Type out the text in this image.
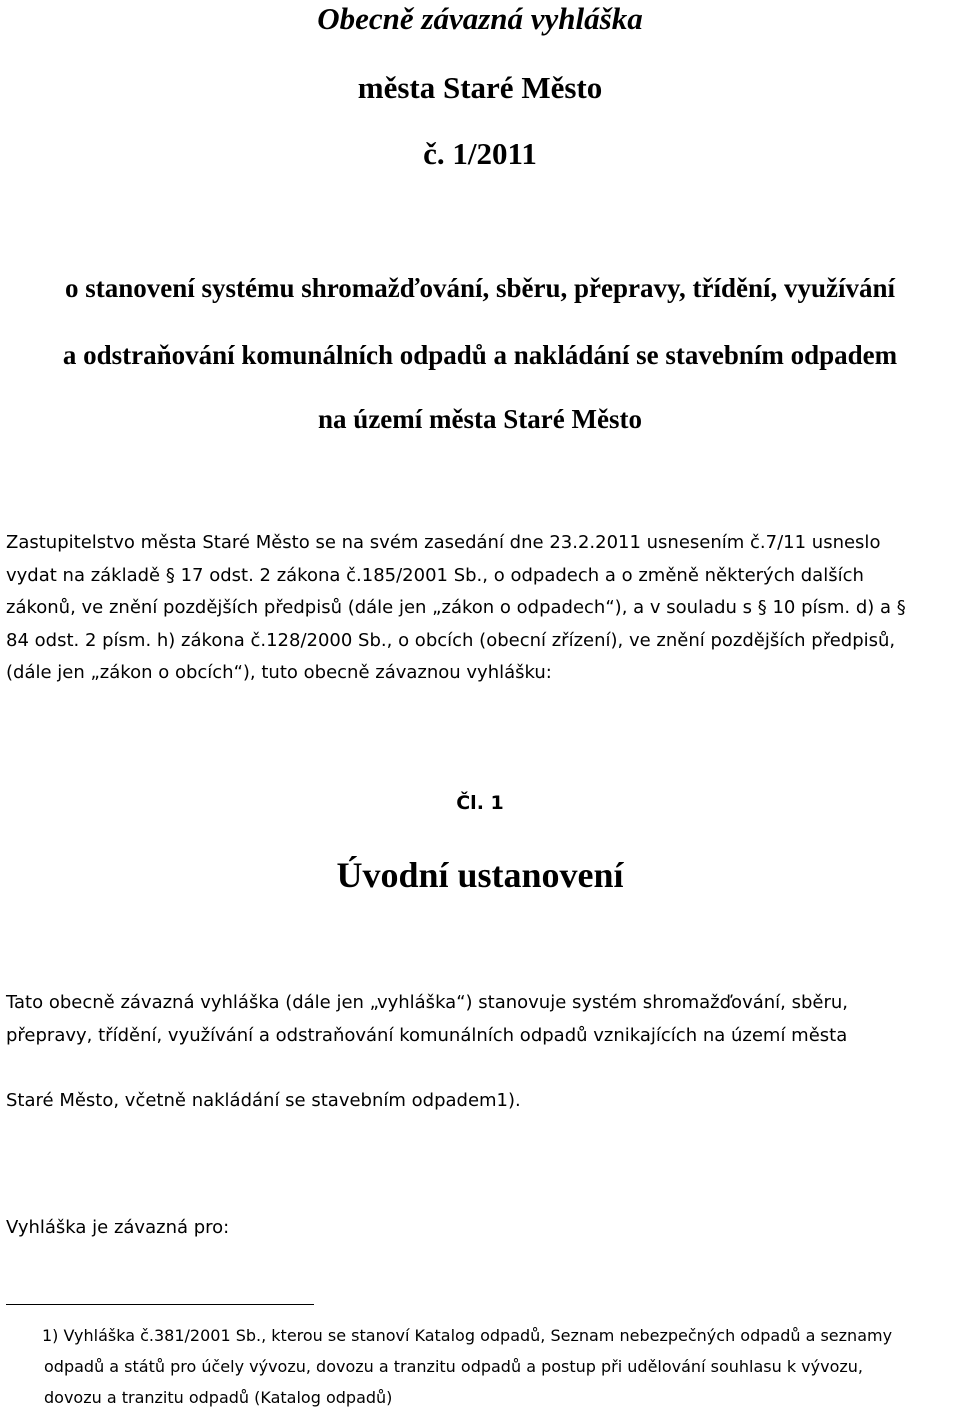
Obecně závazná vyhláška
města Staré Město
č. 1/2011
o stanovení systému shromažďování, sběru, přepravy, třídění, využívání
a odstraňování komunálních odpadů a nakládání se stavebním odpadem
na území města Staré Město
Zastupitelstvo města Staré Město se na svém zasedání dne 23.2.2011 usnesením č.7/11 usneslo
vydat na základě § 17 odst. 2 zákona č.185/2001 Sb., o odpadech a o změně některých dalších
zákonů, ve znění pozdějších předpisů (dále jen „zákon o odpadech“), a v souladu s § 10 písm. d) a §
84 odst. 2 písm. h) zákona č.128/2000 Sb., o obcích (obecní zřízení), ve znění pozdějších předpisů,
(dále jen „zákon o obcích“), tuto obecně závaznou vyhlášku:
Čl. 1
Úvodní ustanovení
Tato obecně závazná vyhláška (dále jen „vyhláška“) stanovuje systém shromažďování, sběru,
přepravy, třídění, využívání a odstraňování komunálních odpadů vznikajících na území města
Staré Město, včetně nakládání se stavebním odpadem1).
Vyhláška je závazná pro:
1) Vyhláška č.381/2001 Sb., kterou se stanoví Katalog odpadů, Seznam nebezpečných odpadů a seznamy
odpadů a států pro účely vývozu, dovozu a tranzitu odpadů a postup při udělování souhlasu k vývozu,
dovozu a tranzitu odpadů (Katalog odpadů)
